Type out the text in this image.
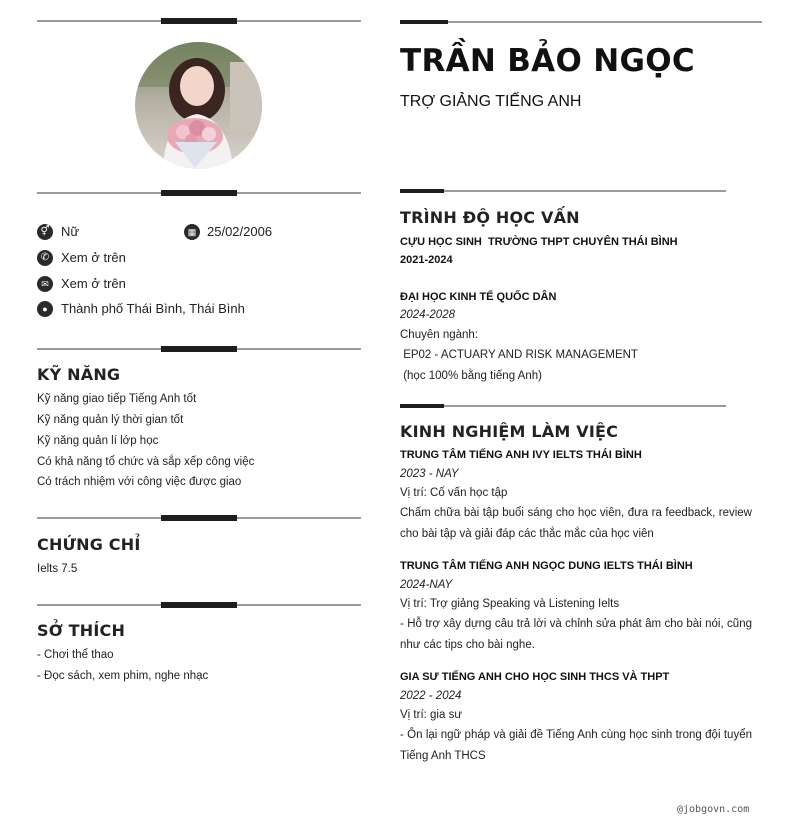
⚥ Nữ	▦ 25/02/2006
✆ Xem ở trên
✉ Xem ở trên
●	Thành phố Thái Bình, Thái Bình
KỸ NĂNG
Kỹ năng giao tiếp Tiếng Anh tốt
Kỹ năng quản lý thời gian tốt
Kỹ năng quản lí lớp học
Có khả năng tổ chức và sắp xếp công việc
Có trách nhiệm với công việc được giao
CHỨNG CHỈ
Ielts 7.5
SỞ THÍCH
- Chơi thể thao
- Đọc sách, xem phim, nghe nhạc
TRẦN BẢO NGỌC
TRỢ GIẢNG TIẾNG ANH
TRÌNH ĐỘ HỌC VẤN
CỰU HỌC SINH  TRƯỜNG THPT CHUYÊN THÁI BÌNH
2021-2024
ĐẠI HỌC KINH TẾ QUỐC DÂN
2024-2028
Chuyên ngành:
EP02 - ACTUARY AND RISK MANAGEMENT
(học 100% bằng tiếng Anh)
KINH NGHIỆM LÀM VIỆC
TRUNG TÂM TIẾNG ANH IVY IELTS THÁI BÌNH
2023 - NAY
Vị trí: Cố vấn học tập
Chấm chữa bài tập buổi sáng cho học viên, đưa ra feedback, review cho bài tập và giải đáp các thắc mắc của học viên
TRUNG TÂM TIẾNG ANH NGỌC DUNG IELTS THÁI BÌNH
2024-NAY
Vị trí: Trợ giảng Speaking và Listening Ielts
- Hỗ trợ xây dựng câu trả lời và chỉnh sửa phát âm cho bài nói, cũng như các tips cho bài nghe.
GIA SƯ TIẾNG ANH CHO HỌC SINH THCS VÀ THPT
2022 - 2024
Vị trí: gia sư
- Ôn lại ngữ pháp và giải đề Tiếng Anh cùng học sinh trong đội tuyển Tiếng Anh THCS
@jobgovn.com
